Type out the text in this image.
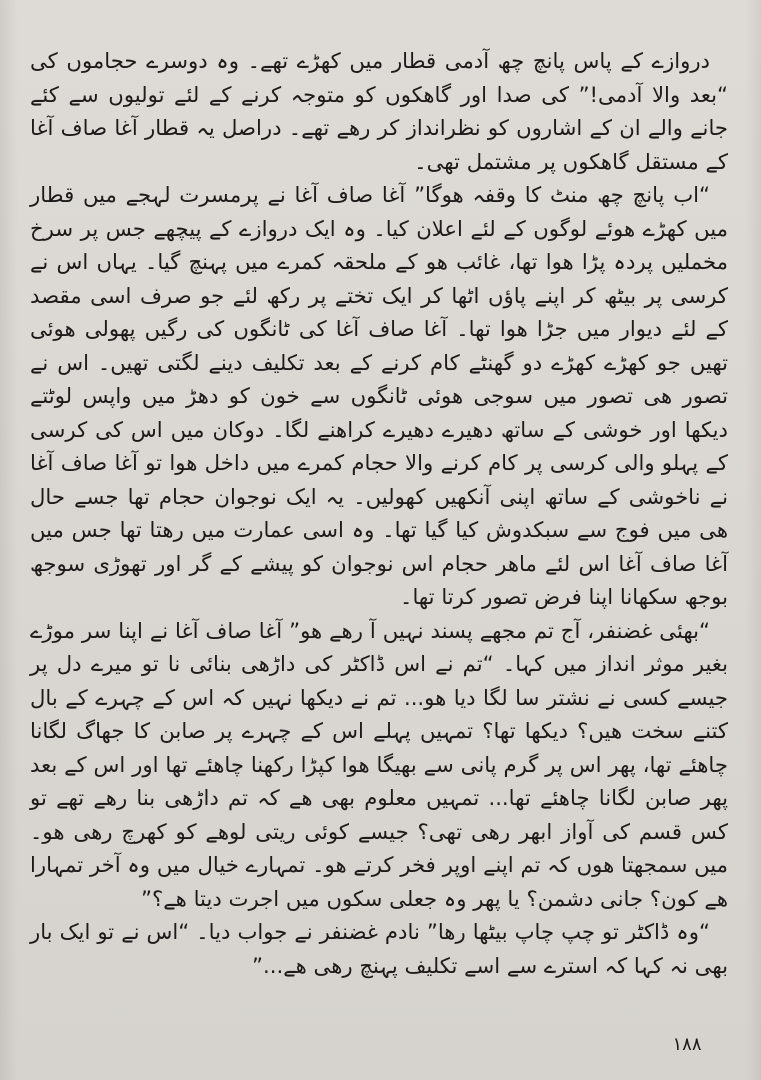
دروازے کے پاس پانچ چھ آدمی قطار میں کھڑے تھے۔ وہ دوسرے حجاموں کی “بعد والا آدمی!” کی صدا اور گاھکوں کو متوجہ کرنے کے لئے تولیوں سے کئے جانے والے ان کے اشاروں کو نظرانداز کر رھے تھے۔ دراصل یہ قطار آغا صاف آغا کے مستقل گاھکوں پر مشتمل تھی۔

“اب پانچ چھ منٹ کا وقفہ ھوگا” آغا صاف آغا نے پرمسرت لہجے میں قطار میں کھڑے ھوئے لوگوں کے لئے اعلان کیا۔ وہ ایک دروازے کے پیچھے جس پر سرخ مخملیں پردہ پڑا ھوا تھا، غائب ھو کے ملحقہ کمرے میں پہنچ گیا۔ یہاں اس نے کرسی پر بیٹھ کر اپنے پاؤں اٹھا کر ایک تختے پر رکھ لئے جو صرف اسی مقصد کے لئے دیوار میں جڑا ھوا تھا۔ آغا صاف آغا کی ٹانگوں کی رگیں پھولی ھوئی تھیں جو کھڑے کھڑے دو گھنٹے کام کرنے کے بعد تکلیف دینے لگتی تھیں۔ اس نے تصور ھی تصور میں سوجی ھوئی ٹانگوں سے خون کو دھڑ میں واپس لوٹتے دیکھا اور خوشی کے ساتھ دھیرے دھیرے کراھنے لگا۔ دوکان میں اس کی کرسی کے پہلو والی کرسی پر کام کرنے والا حجام کمرے میں داخل ھوا تو آغا صاف آغا نے ناخوشی کے ساتھ اپنی آنکھیں کھولیں۔ یہ ایک نوجوان حجام تھا جسے حال ھی میں فوج سے سبکدوش کیا گیا تھا۔ وہ اسی عمارت میں رھتا تھا جس میں آغا صاف آغا اس لئے ماھر حجام اس نوجوان کو پیشے کے گر اور تھوڑی سوجھ بوجھ سکھانا اپنا فرض تصور کرتا تھا۔

“بھئی غضنفر، آج تم مجھے پسند نہیں آ رھے ھو” آغا صاف آغا نے اپنا سر موڑے بغیر موثر انداز میں کہا۔ “تم نے اس ڈاکٹر کی داڑھی بنائی نا تو میرے دل پر جیسے کسی نے نشتر سا لگا دیا ھو... تم نے دیکھا نہیں کہ اس کے چہرے کے بال کتنے سخت ھیں؟ دیکھا تھا؟ تمہیں پہلے اس کے چہرے پر صابن کا جھاگ لگانا چاھئے تھا، پھر اس پر گرم پانی سے بھیگا ھوا کپڑا رکھنا چاھئے تھا اور اس کے بعد پھر صابن لگانا چاھئے تھا... تمہیں معلوم بھی ھے کہ تم داڑھی بنا رھے تھے تو کس قسم کی آواز ابھر رھی تھی؟ جیسے کوئی ریتی لوھے کو کھرچ رھی ھو۔ میں سمجھتا ھوں کہ تم اپنے اوپر فخر کرتے ھو۔ تمہارے خیال میں وہ آخر تمہارا ھے کون؟ جانی دشمن؟ یا پھر وہ جعلی سکوں میں اجرت دیتا ھے؟”

“وہ ڈاکٹر تو چپ چاپ بیٹھا رھا” نادم غضنفر نے جواب دیا۔ “اس نے تو ایک بار بھی نہ کہا کہ استرے سے اسے تکلیف پہنچ رھی ھے...”

۱۸۸
